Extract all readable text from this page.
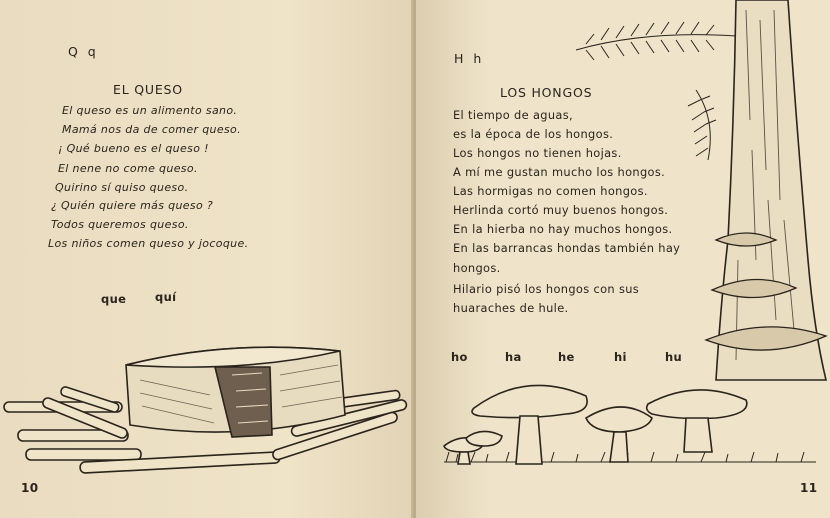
Q q
EL QUESO
El queso es un alimento sano.
Mamá nos da de comer queso.
¡ Qué bueno es el queso !
El nene no come queso.
Quirino sí quiso queso.
¿ Quién quiere más queso ?
Todos queremos queso.
Los niños comen queso y jocoque.
que quí
10
H h
LOS HONGOS
El tiempo de aguas,
es la época de los hongos.
Los hongos no tienen hojas.
A mí me gustan mucho los hongos.
Las hormigas no comen hongos.
Herlinda cortó muy buenos hongos.
En la hierba no hay muchos hongos.
En las barrancas hondas también hay
hongos.
Hilario pisó los hongos con sus
huaraches de hule.
ho	ha	he	hi	hu
11
